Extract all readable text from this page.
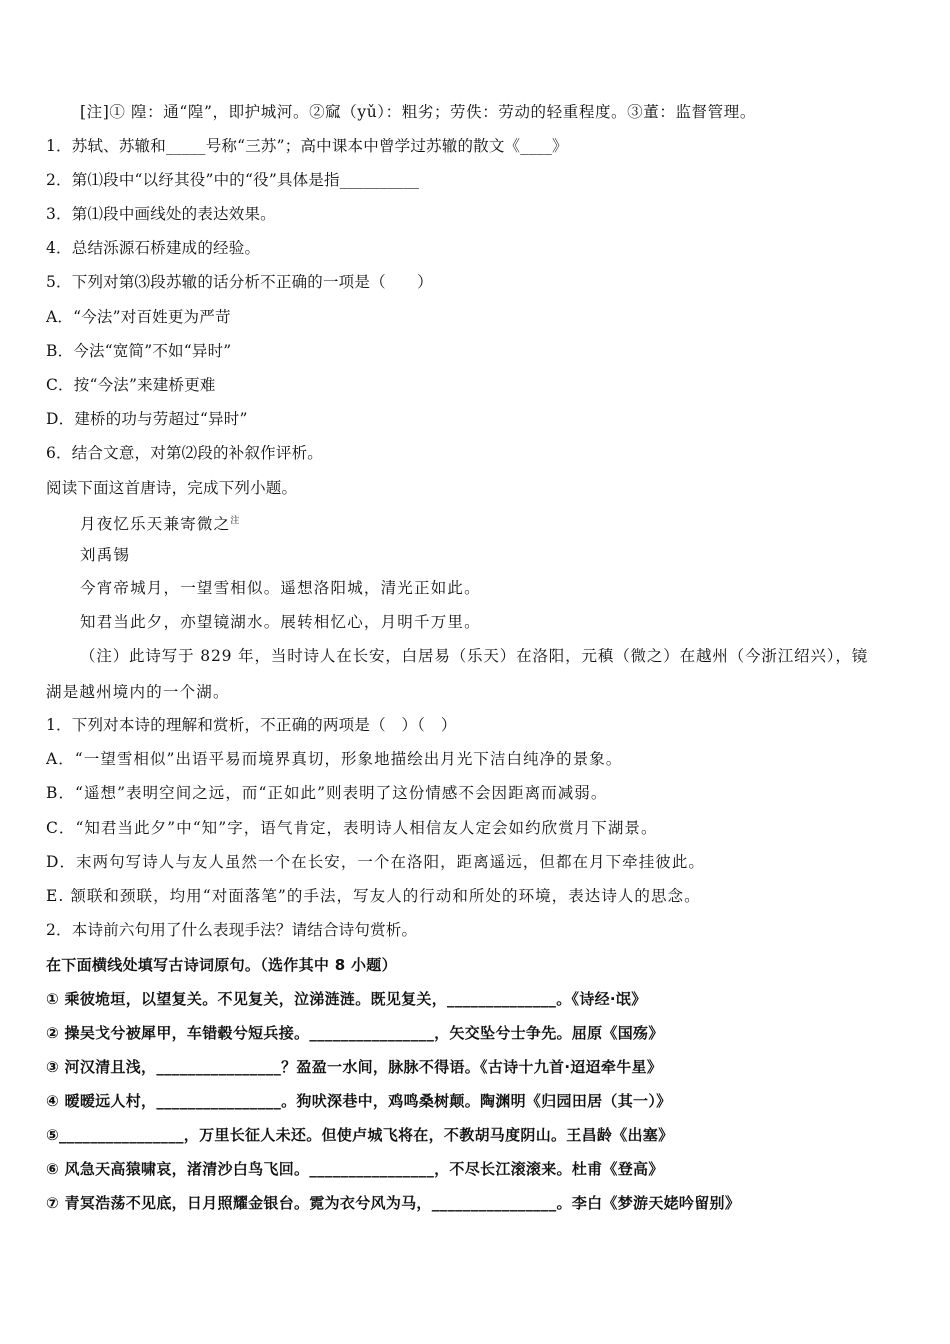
[注]① 隍：通“隍”，即护城河。②窳（yǔ）：粗劣；劳佚：劳动的轻重程度。③董：监督管理。
1．苏轼、苏辙和_____号称“三苏”；高中课本中曾学过苏辙的散文《____》
2．第⑴段中“以纾其役”中的“役”具体是指__________
3．第⑴段中画线处的表达效果。
4．总结泺源石桥建成的经验。
5．下列对第⑶段苏辙的话分析不正确的一项是（　　）
A．“今法”对百姓更为严苛
B．今法“宽简”不如“异时”
C．按“今法”来建桥更难
D．建桥的功与劳超过“异时”
6．结合文意，对第⑵段的补叙作评析。
阅读下面这首唐诗，完成下列小题。
月夜忆乐天兼寄微之$^注$
刘禹锡
今宵帝城月，一望雪相似。遥想洛阳城，清光正如此。
知君当此夕，亦望镜湖水。展转相忆心，月明千万里。
（注）此诗写于 829 年，当时诗人在长安，白居易（乐天）在洛阳，元稹（微之）在越州（今浙江绍兴），镜
湖是越州境内的一个湖。
1．下列对本诗的理解和赏析，不正确的两项是（　）（　）
A．“一望雪相似”出语平易而境界真切，形象地描绘出月光下洁白纯净的景象。
B．“遥想”表明空间之远，而“正如此”则表明了这份情感不会因距离而减弱。
C．“知君当此夕”中“知”字，语气肯定，表明诗人相信友人定会如约欣赏月下湖景。
D．末两句写诗人与友人虽然一个在长安，一个在洛阳，距离遥远，但都在月下牵挂彼此。
E. 颔联和颈联，均用“对面落笔”的手法，写友人的行动和所处的环境，表达诗人的思念。
2．本诗前六句用了什么表现手法？请结合诗句赏析。
在下面横线处填写古诗词原句。（选作其中 8 小题）
① 乘彼垝垣，以望复关。不见复关，泣涕涟涟。既见复关，______________。《诗经·氓》
② 操吴戈兮被犀甲，车错毂兮短兵接。________________，矢交坠兮士争先。屈原《国殇》
③ 河汉清且浅，________________？盈盈一水间，脉脉不得语。《古诗十九首·迢迢牵牛星》
④ 暧暧远人村，________________。狗吠深巷中，鸡鸣桑树颠。陶渊明《归园田居（其一）》
⑤________________，万里长征人未还。但使卢城飞将在，不教胡马度阴山。王昌龄《出塞》
⑥ 风急天高猿啸哀，渚清沙白鸟飞回。________________，不尽长江滚滚来。杜甫《登高》
⑦ 青冥浩荡不见底，日月照耀金银台。霓为衣兮风为马，________________。李白《梦游天姥吟留别》
